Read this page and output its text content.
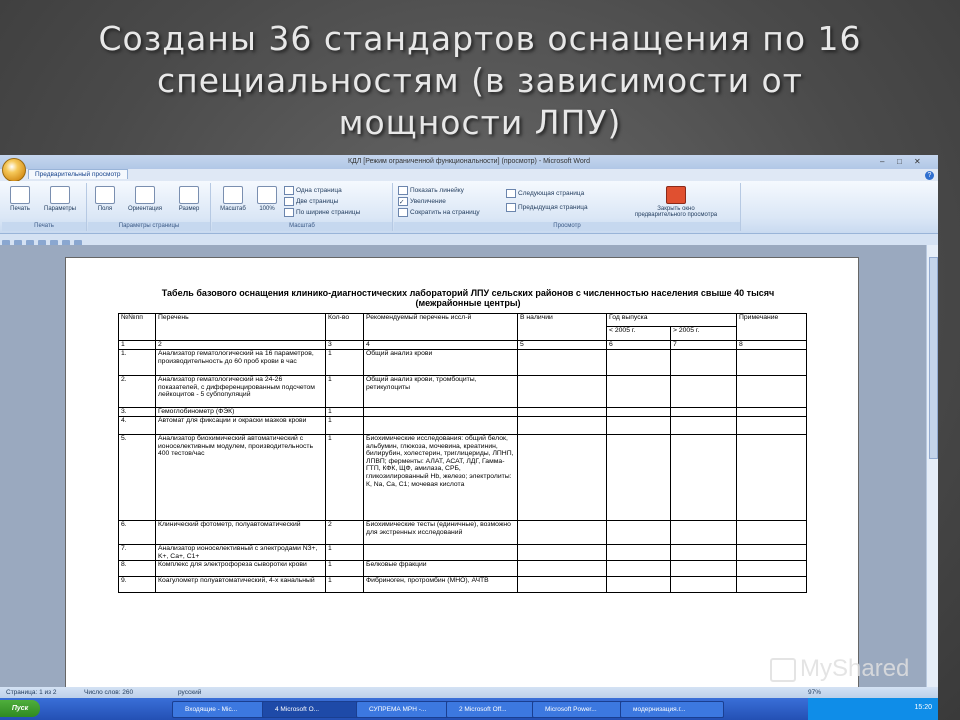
Созданы 36 стандартов оснащения по 16
специальностям (в зависимости от
мощности ЛПУ)
КДЛ [Режим ограниченной функциональности] (просмотр) - Microsoft Word	– □ ✕
Предварительный просмотр	?
Печать	Параметры
Печать
Поля	Ориентация	Размер
Параметры страницы
Масштаб	100%
Одна страница
Две страницы
По ширине страницы
Масштаб
Показать линейку
✓ Увеличение
Сократить на страницу
Следующая страница
Предыдущая страница	Закрыть окно
предварительного просмотра
Просмотр
Табель базового оснащения клинико-диагностических лабораторий ЛПУ сельских районов с численностью населения свыше 40 тысяч
(межрайонные центры)
№№пп	Перечень	Кол-во	Рекомендуемый перечень иссл-й	В наличии	Год выпуска		Примечание
					< 2005 г.	> 2005 г.	
1	2	3	4	5	6	7	8
1.	Анализатор гематологический на 16 параметров, производительность до 60 проб крови в час	1	Общий анализ крови				
2.	Анализатор гематологический на 24-26 показателей, с дифференцированным подсчетом лейкоцитов - 5 субпопуляций	1	Общий анализ крови, тромбоциты, ретикулоциты				
3.	Гемоглобинометр (ФЭК)	1					
4.	Автомат для фиксации и окраски мазков крови	1					
5.	Анализатор биохимический автоматический с ионоселективным модулем, производительность 400 тестов/час	1	Биохимические исследования: общий белок, альбумин, глюкоза, мочевина, креатинин, билирубин, холестерин, триглицериды, ЛПНП, ЛПВП; ферменты: АЛАТ, АСАТ, ЛДГ, Гамма-ГТП, КФК, ЩФ, амилаза, СРБ, гликозилированный Hb, железо; электролиты: К, Na, Са, С1; мочевая кислота				
6.	Клинический фотометр, полуавтоматический	2	Биохимические тесты (единичные), возможно для экстренных исследований				
7.	Анализатор ионоселективный с электродами N3+, K+, Ca+, C1+	1					
8.	Комплекс для электрофореза сыворотки крови	1	Белковые фракции				
9.	Коагулометр полуавтоматический, 4-х канальный	1	Фибриноген, протромбин (МНО), АЧТВ				
Страница: 1 из 2	Число слов: 260	русский	97%
Пуск	Входящие - Mic...	4 Microsoft O...	СУПРЕМА МРН -...	2 Microsoft Off...	Microsoft Power...	модернизация.г...	15:20
MyShared
